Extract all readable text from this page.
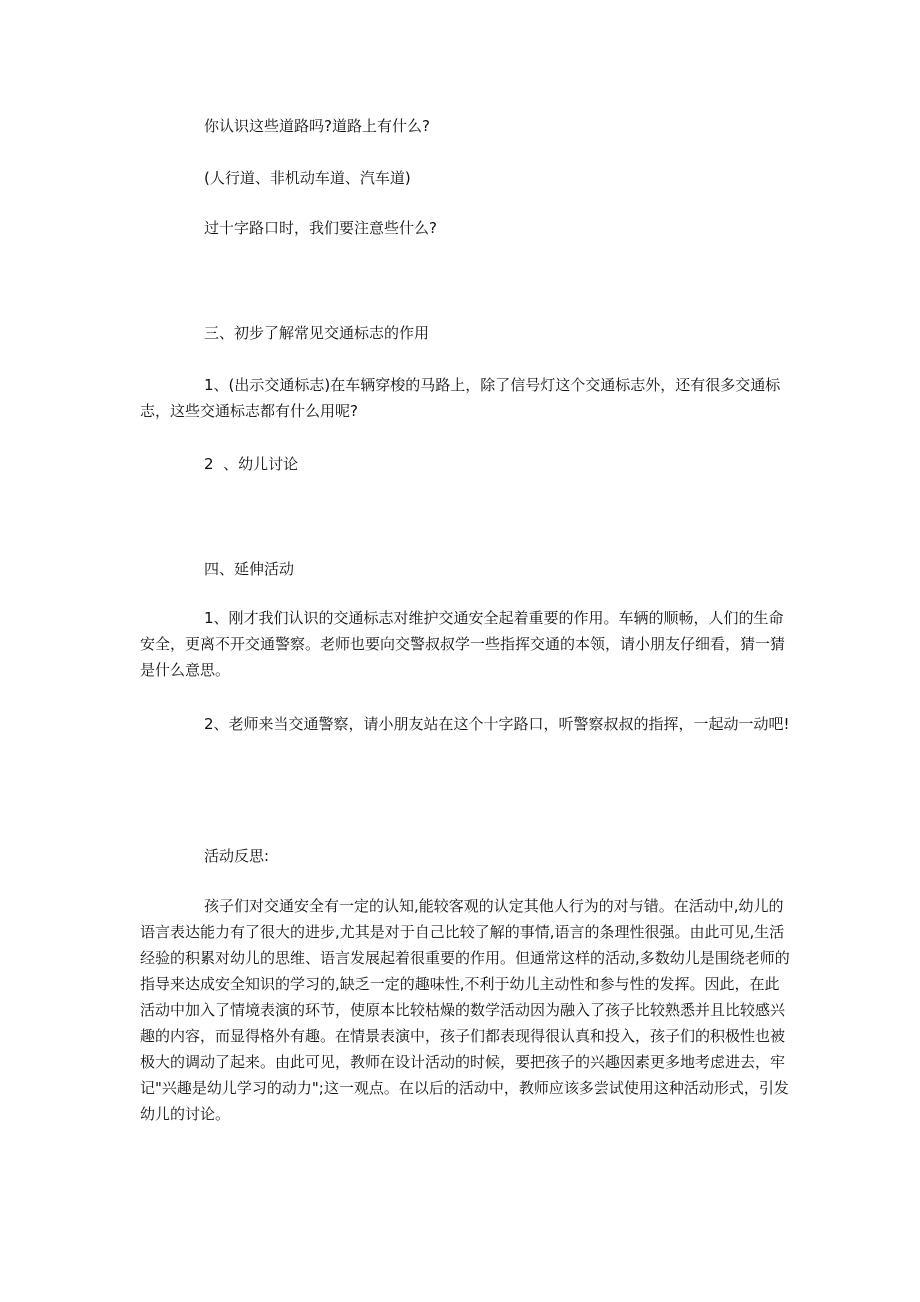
你认识这些道路吗?道路上有什么?

(人行道、非机动车道、汽车道)

过十字路口时，我们要注意些什么?

三、初步了解常见交通标志的作用

1、(出示交通标志)在车辆穿梭的马路上，除了信号灯这个交通标志外，还有很多交通标志，这些交通标志都有什么用呢?

2  、幼儿讨论

四、延伸活动

1、刚才我们认识的交通标志对维护交通安全起着重要的作用。车辆的顺畅，人们的生命安全，更离不开交通警察。老师也要向交警叔叔学一些指挥交通的本领，请小朋友仔细看，猜一猜是什么意思。

2、老师来当交通警察，请小朋友站在这个十字路口，听警察叔叔的指挥，一起动一动吧!

活动反思:

孩子们对交通安全有一定的认知,能较客观的认定其他人行为的对与错。在活动中,幼儿的语言表达能力有了很大的进步,尤其是对于自己比较了解的事情,语言的条理性很强。由此可见,生活经验的积累对幼儿的思维、语言发展起着很重要的作用。但通常这样的活动,多数幼儿是围绕老师的指导来达成安全知识的学习的,缺乏一定的趣味性,不利于幼儿主动性和参与性的发挥。因此，在此活动中加入了情境表演的环节，使原本比较枯燥的数学活动因为融入了孩子比较熟悉并且比较感兴趣的内容，而显得格外有趣。在情景表演中，孩子们都表现得很认真和投入，孩子们的积极性也被极大的调动了起来。由此可见，教师在设计活动的时候，要把孩子的兴趣因素更多地考虑进去，牢记"兴趣是幼儿学习的动力";这一观点。在以后的活动中，教师应该多尝试使用这种活动形式，引发幼儿的讨论。
